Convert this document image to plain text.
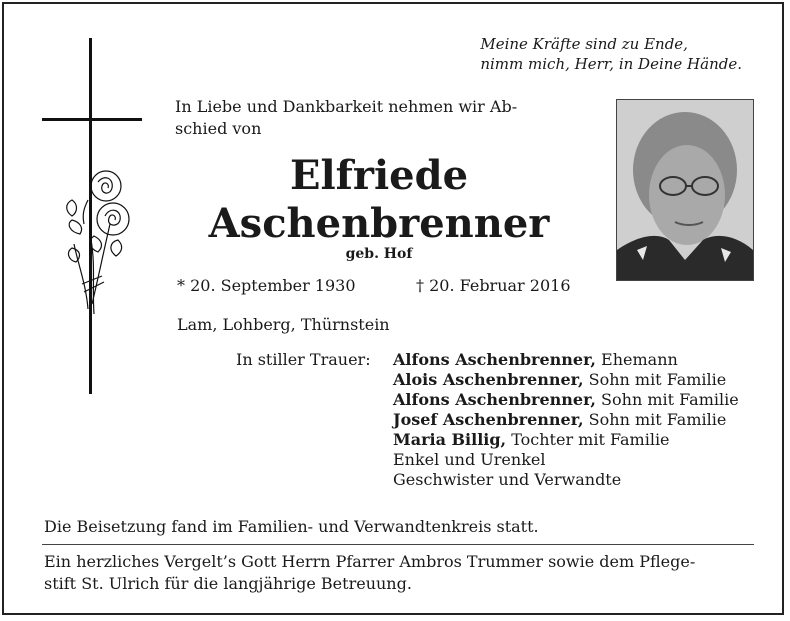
Meine Kräfte sind zu Ende,
nimm mich, Herr, in Deine Hände.
In Liebe und Dankbarkeit nehmen wir Ab-
schied von
Elfriede
Aschenbrenner
geb. Hof
* 20. September 1930	† 20. Februar 2016
Lam, Lohberg, Thürnstein
In stiller Trauer: Alfons Aschenbrenner, Ehemann
Alois Aschenbrenner, Sohn mit Familie
Alfons Aschenbrenner, Sohn mit Familie
Josef Aschenbrenner, Sohn mit Familie
Maria Billig, Tochter mit Familie
Enkel und Urenkel
Geschwister und Verwandte
Die Beisetzung fand im Familien- und Verwandtenkreis statt.
Ein herzliches Vergelt’s Gott Herrn Pfarrer Ambros Trummer sowie dem Pflege-
stift St. Ulrich für die langjährige Betreuung.
